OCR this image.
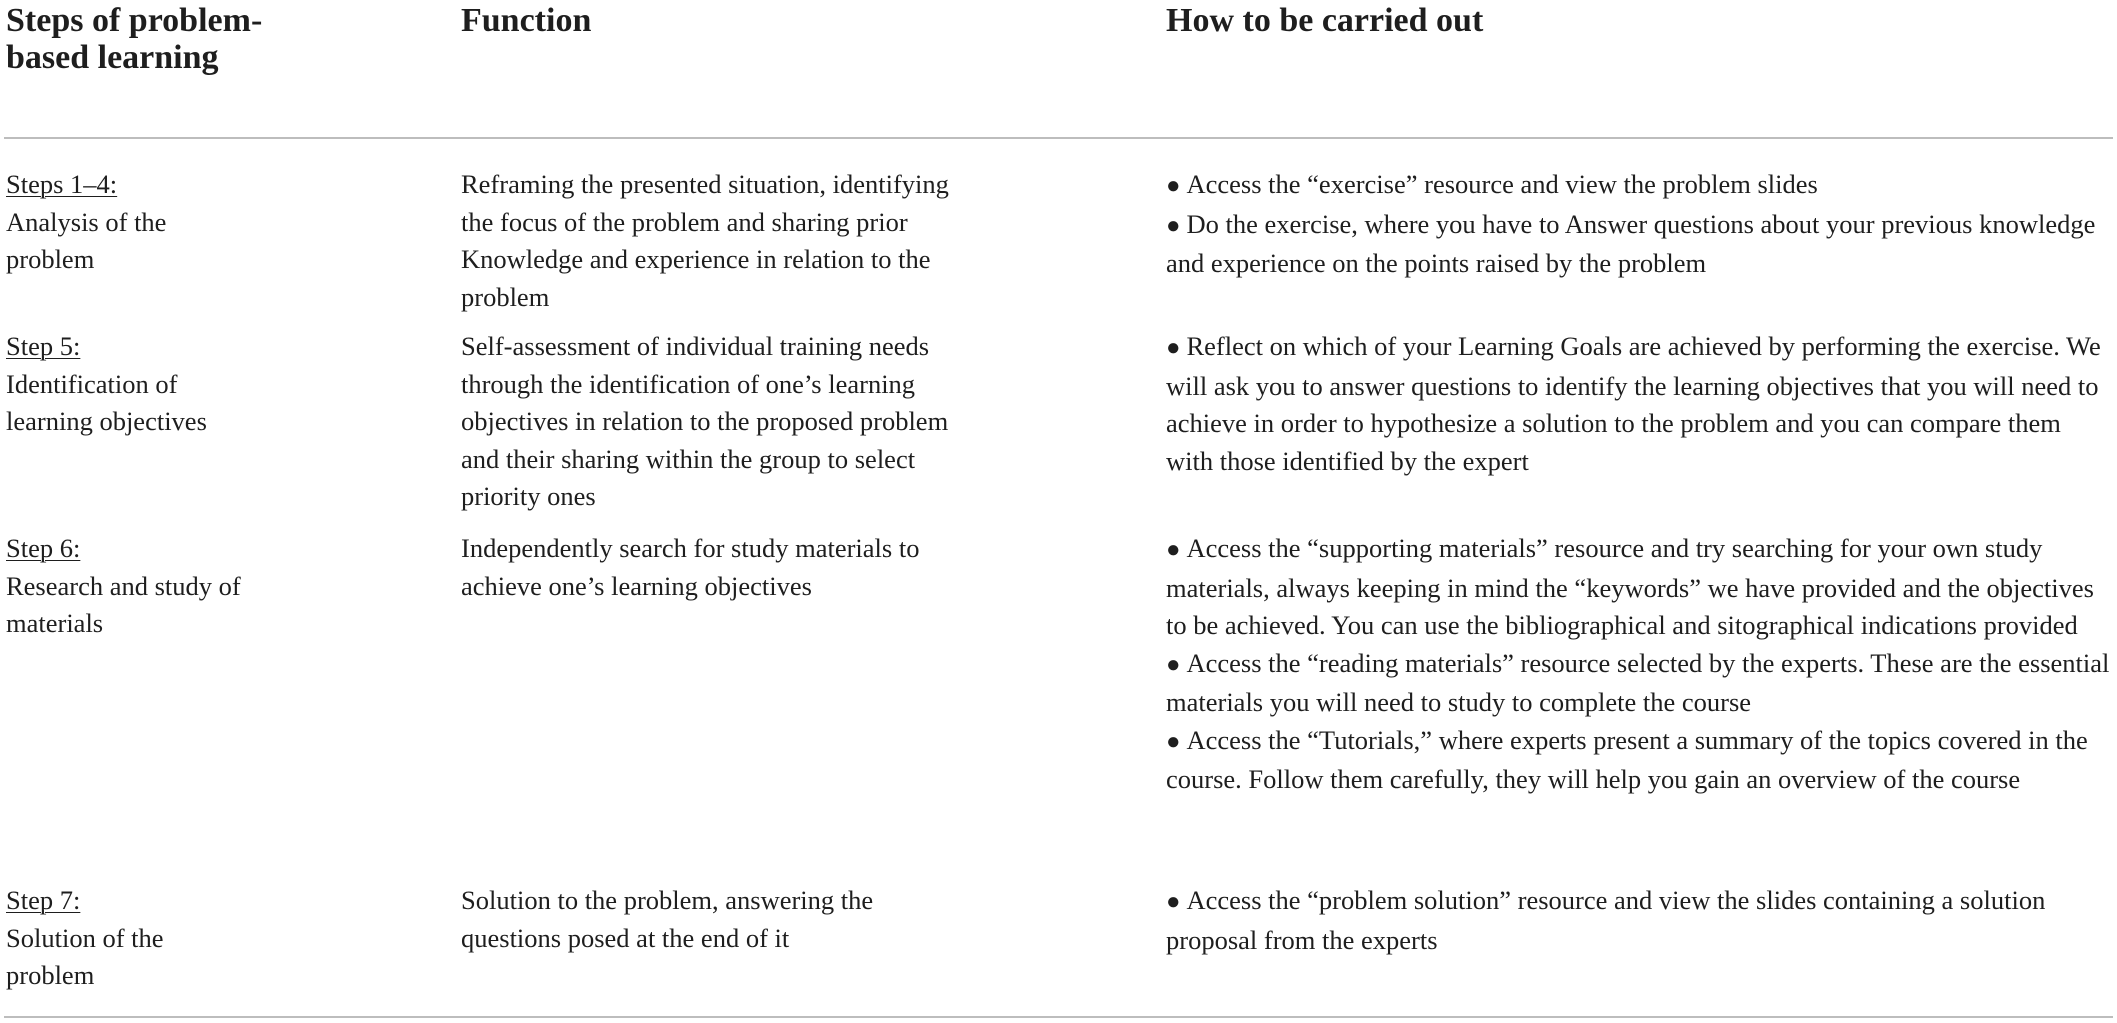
Steps of problem-based learning
Function	How to be carried out
Steps 1–4:
Analysis of the problem
Reframing the presented situation, identifying the focus of the problem and sharing prior Knowledge and experience in relation to the problem
● Access the “exercise” resource and view the problem slides
● Do the exercise, where you have to Answer questions about your previous knowledge and experience on the points raised by the problem
Step 5:
Identification of learning objectives
Self-assessment of individual training needs through the identification of one’s learning objectives in relation to the proposed problem and their sharing within the group to select priority ones
● Reflect on which of your Learning Goals are achieved by performing the exercise. We will ask you to answer questions to identify the learning objectives that you will need to achieve in order to hypothesize a solution to the problem and you can compare them with those identified by the expert
Step 6:
Research and study of materials
Independently search for study materials to achieve one’s learning objectives
● Access the “supporting materials” resource and try searching for your own study materials, always keeping in mind the “keywords” we have provided and the objectives to be achieved. You can use the bibliographical and sitographical indications provided
● Access the “reading materials” resource selected by the experts. These are the essential materials you will need to study to complete the course
● Access the “Tutorials,” where experts present a summary of the topics covered in the course. Follow them carefully, they will help you gain an overview of the course
Step 7:
Solution of the problem
Solution to the problem, answering the questions posed at the end of it
● Access the “problem solution” resource and view the slides containing a solution proposal from the experts
